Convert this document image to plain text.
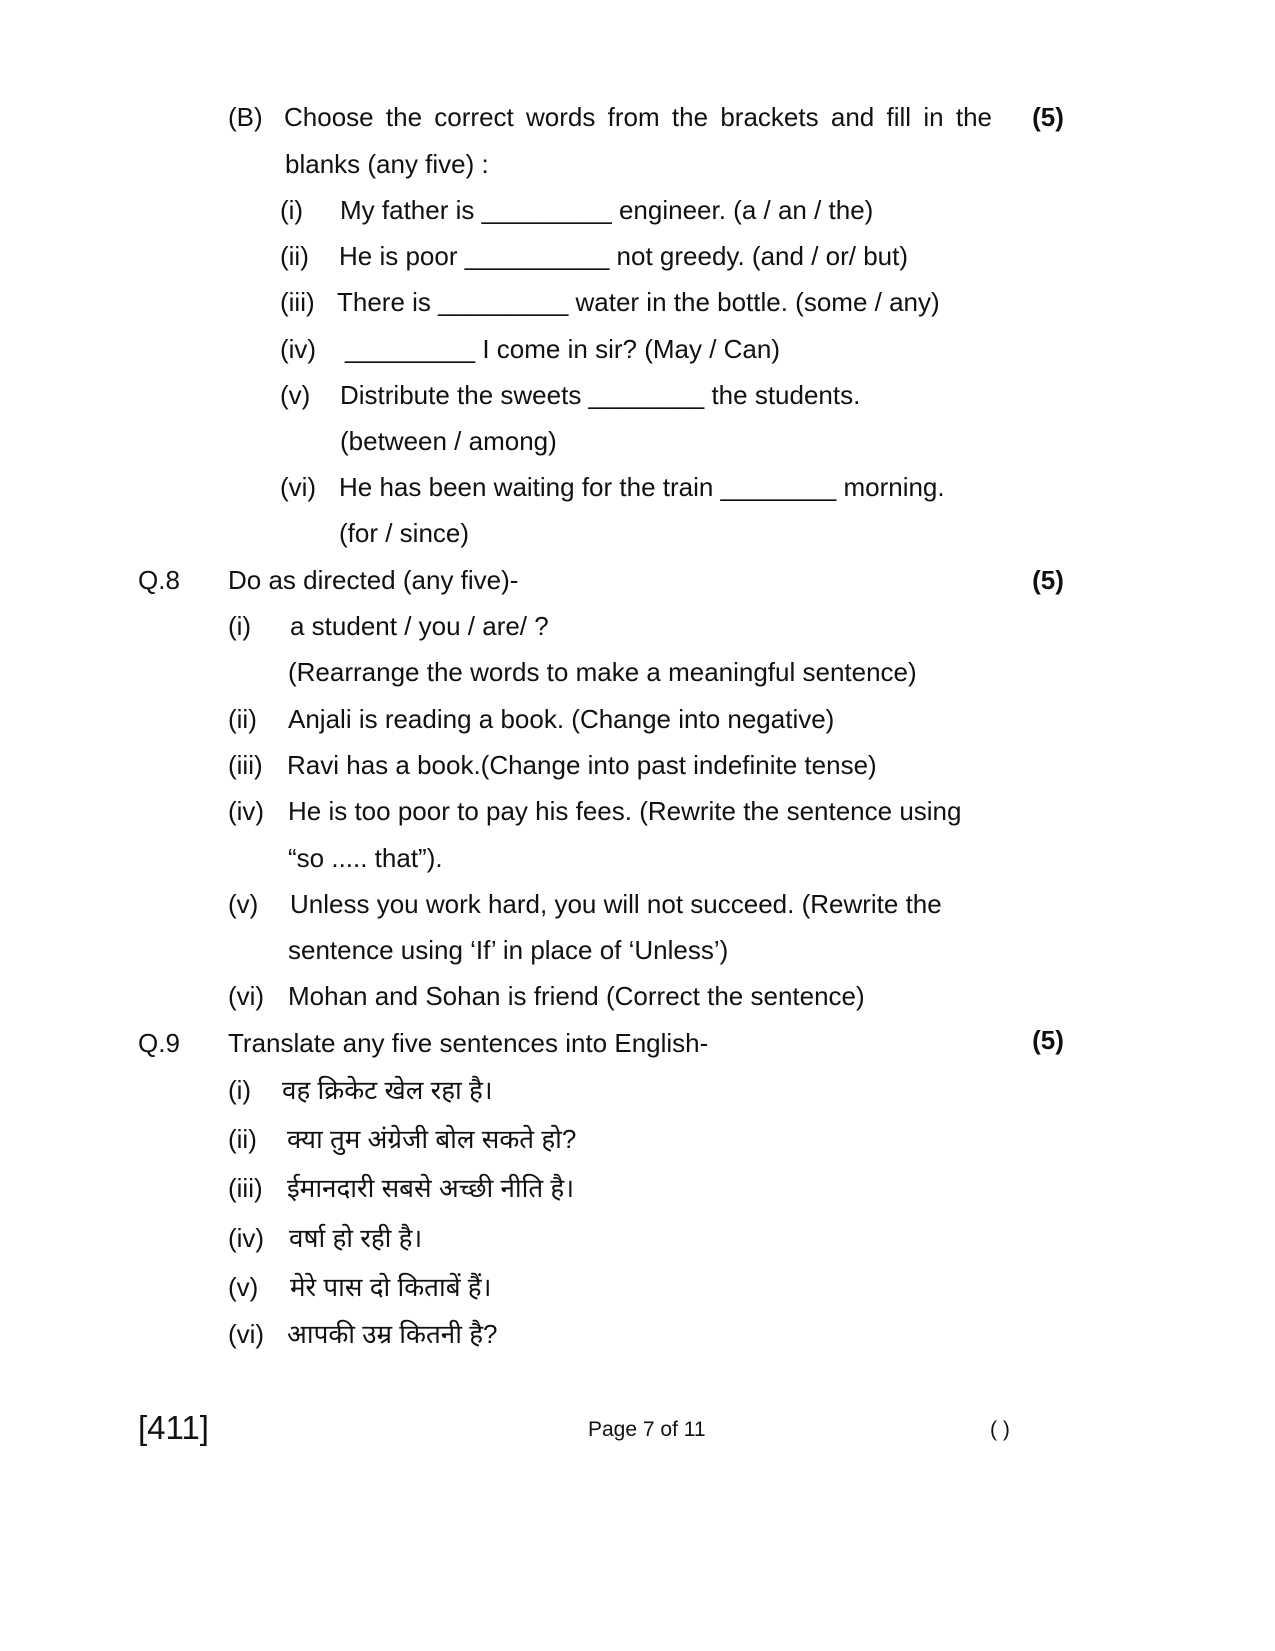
(B) Choose the correct words from the brackets and fill in the (5)
blanks (any five) :
(i) My father is _________ engineer. (a / an / the)
(ii) He is poor __________ not greedy. (and / or/ but)
(iii) There is _________ water in the bottle. (some / any)
(iv) _________ I come in sir? (May / Can)
(v) Distribute the sweets ________ the students.
(between / among)
(vi) He has been waiting for the train ________ morning.
(for / since)
Q.8 Do as directed (any five)-	(5)
(i) a student / you / are/ ?
(Rearrange the words to make a meaningful sentence)
(ii) Anjali is reading a book. (Change into negative)
(iii) Ravi has a book.(Change into past indefinite tense)
(iv) He is too poor to pay his fees. (Rewrite the sentence using
“so ..... that”).
(v) Unless you work hard, you will not succeed. (Rewrite the
sentence using ‘If’ in place of ‘Unless’)
(vi) Mohan and Sohan is friend (Correct the sentence)
Q.9 Translate any five sentences into English-	(5)
(i) वह क्रिकेट खेल रहा है।
(ii) क्या तुम अंग्रेजी बोल सकते हो?
(iii) ईमानदारी सबसे अच्छी नीति है।
(iv) वर्षा हो रही है।
(v) मेरे पास दो किताबें हैं।
(vi) आपकी उम्र कितनी है?
[411]	Page 7 of 11	( )
